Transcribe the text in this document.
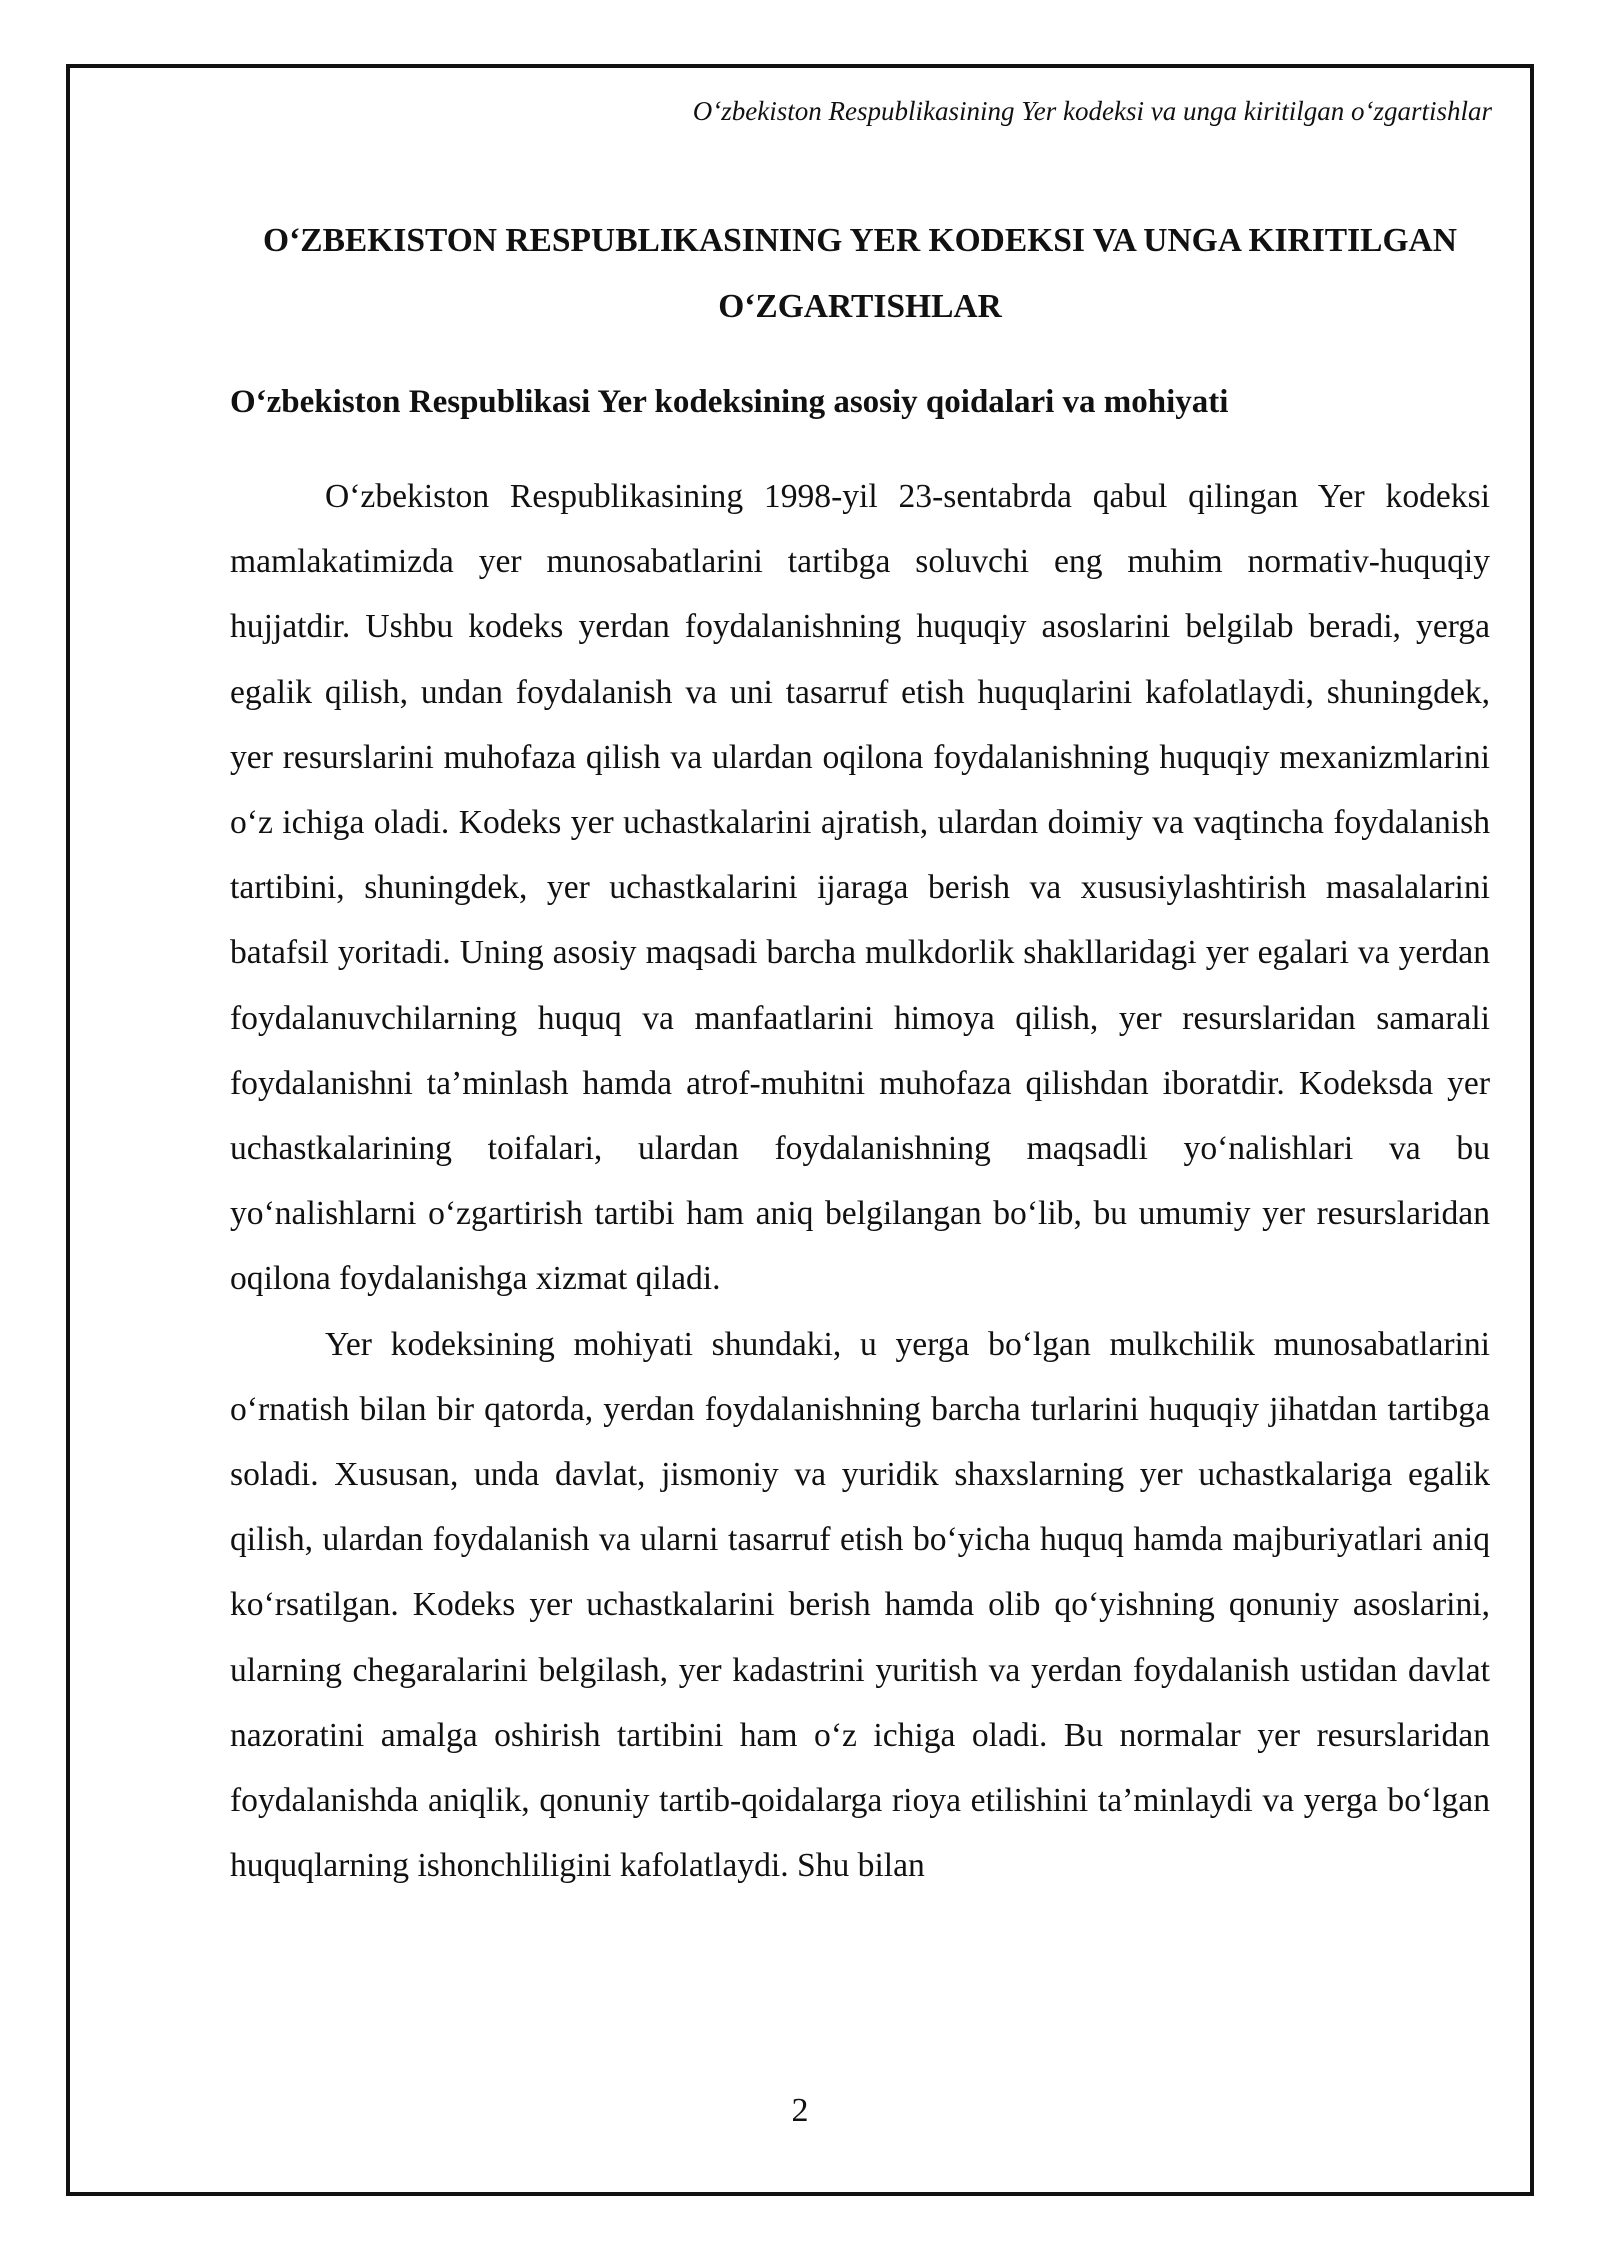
O‘zbekiston Respublikasining Yer kodeksi va unga kiritilgan o‘zgartishlar
O‘ZBEKISTON RESPUBLIKASINING YER KODEKSI VA UNGA KIRITILGAN O‘ZGARTISHLAR
O‘zbekiston Respublikasi Yer kodeksining asosiy qoidalari va mohiyati

O‘zbekiston Respublikasining 1998-yil 23-sentabrda qabul qilingan Yer kodeksi mamlakatimizda yer munosabatlarini tartibga soluvchi eng muhim normativ-huquqiy hujjatdir. Ushbu kodeks yerdan foydalanishning huquqiy asoslarini belgilab beradi, yerga egalik qilish, undan foydalanish va uni tasarruf etish huquqlarini kafolatlaydi, shuningdek, yer resurslarini muhofaza qilish va ulardan oqilona foydalanishning huquqiy mexanizmlarini o‘z ichiga oladi. Kodeks yer uchastkalarini ajratish, ulardan doimiy va vaqtincha foydalanish tartibini, shuningdek, yer uchastkalarini ijaraga berish va xususiylashtirish masalalarini batafsil yoritadi. Uning asosiy maqsadi barcha mulkdorlik shakllaridagi yer egalari va yerdan foydalanuvchilarning huquq va manfaatlarini himoya qilish, yer resurslaridan samarali foydalanishni ta’minlash hamda atrof-muhitni muhofaza qilishdan iboratdir. Kodeksda yer uchastkalarining toifalari, ulardan foydalanishning maqsadli yo‘nalishlari va bu yo‘nalishlarni o‘zgartirish tartibi ham aniq belgilangan bo‘lib, bu umumiy yer resurslaridan oqilona foydalanishga xizmat qiladi.

Yer kodeksining mohiyati shundaki, u yerga bo‘lgan mulkchilik munosabatlarini o‘rnatish bilan bir qatorda, yerdan foydalanishning barcha turlarini huquqiy jihatdan tartibga soladi. Xususan, unda davlat, jismoniy va yuridik shaxslarning yer uchastkalariga egalik qilish, ulardan foydalanish va ularni tasarruf etish bo‘yicha huquq hamda majburiyatlari aniq ko‘rsatilgan. Kodeks yer uchastkalarini berish hamda olib qo‘yishning qonuniy asoslarini, ularning chegaralarini belgilash, yer kadastrini yuritish va yerdan foydalanish ustidan davlat nazoratini amalga oshirish tartibini ham o‘z ichiga oladi. Bu normalar yer resurslaridan foydalanishda aniqlik, qonuniy tartib-qoidalarga rioya etilishini ta’minlaydi va yerga bo‘lgan huquqlarning ishonchliligini kafolatlaydi. Shu bilan

2
